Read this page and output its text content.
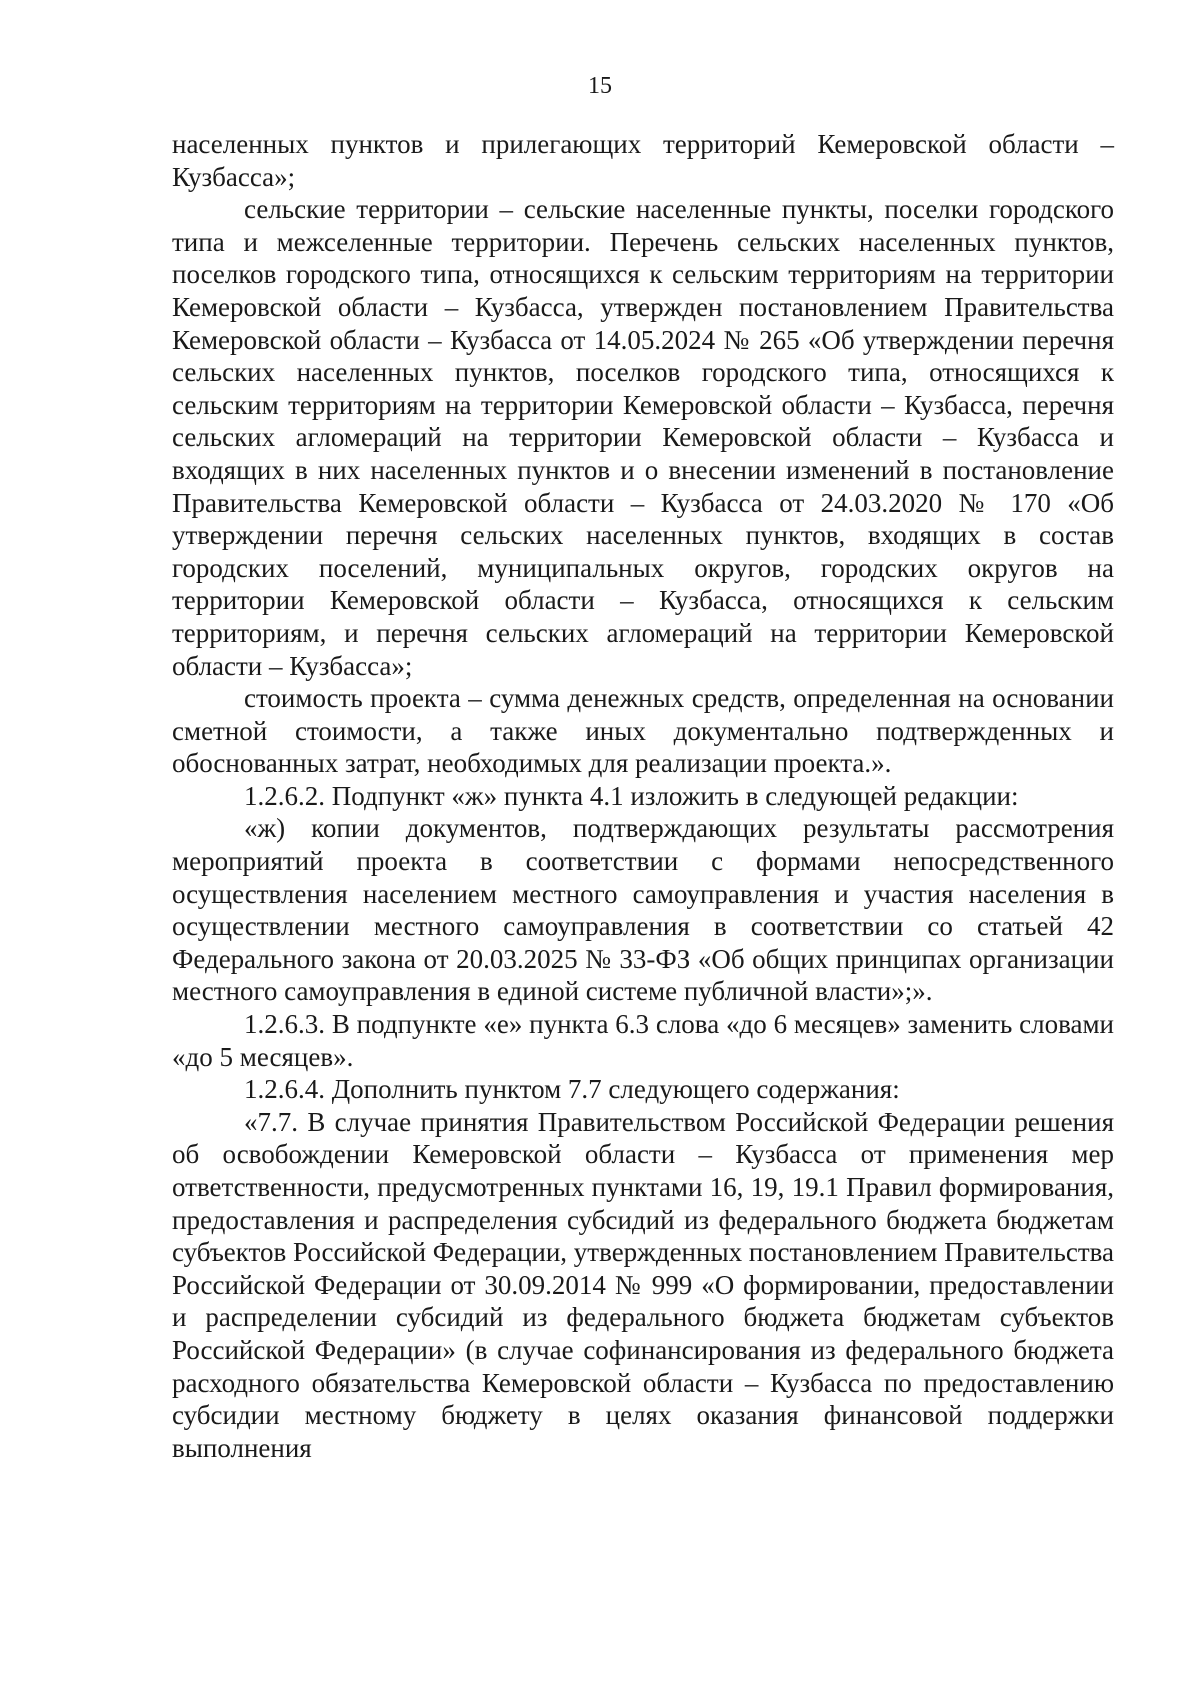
15

населенных пунктов и прилегающих территорий Кемеровской области – Кузбасса»;

сельские территории – сельские населенные пункты, поселки городского типа и межселенные территории. Перечень сельских населенных пунктов, поселков городского типа, относящихся к сельским территориям на территории Кемеровской области – Кузбасса, утвержден постановлением Правительства Кемеровской области – Кузбасса от 14.05.2024 № 265 «Об утверждении перечня сельских населенных пунктов, поселков городского типа, относящихся к сельским территориям на территории Кемеровской области – Кузбасса, перечня сельских агломераций на территории Кемеровской области – Кузбасса и входящих в них населенных пунктов и о внесении изменений в постановление Правительства Кемеровской области – Кузбасса от 24.03.2020 № 170 «Об утверждении перечня сельских населенных пунктов, входящих в состав городских поселений, муниципальных округов, городских округов на территории Кемеровской области – Кузбасса, относящихся к сельским территориям, и перечня сельских агломераций на территории Кемеровской области – Кузбасса»;

стоимость проекта – сумма денежных средств, определенная на основании сметной стоимости, а также иных документально подтвержденных и обоснованных затрат, необходимых для реализации проекта.».

1.2.6.2. Подпункт «ж» пункта 4.1 изложить в следующей редакции:

«ж) копии документов, подтверждающих результаты рассмотрения мероприятий проекта в соответствии с формами непосредственного осуществления населением местного самоуправления и участия населения в осуществлении местного самоуправления в соответствии со статьей 42 Федерального закона от 20.03.2025 № 33-ФЗ «Об общих принципах организации местного самоуправления в единой системе публичной власти»;».

1.2.6.3. В подпункте «е» пункта 6.3 слова «до 6 месяцев» заменить словами «до 5 месяцев».

1.2.6.4. Дополнить пунктом 7.7 следующего содержания:

«7.7. В случае принятия Правительством Российской Федерации решения об освобождении Кемеровской области – Кузбасса от применения мер ответственности, предусмотренных пунктами 16, 19, 19.1 Правил формирования, предоставления и распределения субсидий из федерального бюджета бюджетам субъектов Российской Федерации, утвержденных постановлением Правительства Российской Федерации от 30.09.2014 № 999 «О формировании, предоставлении и распределении субсидий из федерального бюджета бюджетам субъектов Российской Федерации» (в случае софинансирования из федерального бюджета расходного обязательства Кемеровской области – Кузбасса по предоставлению субсидии местному бюджету в целях оказания финансовой поддержки выполнения
